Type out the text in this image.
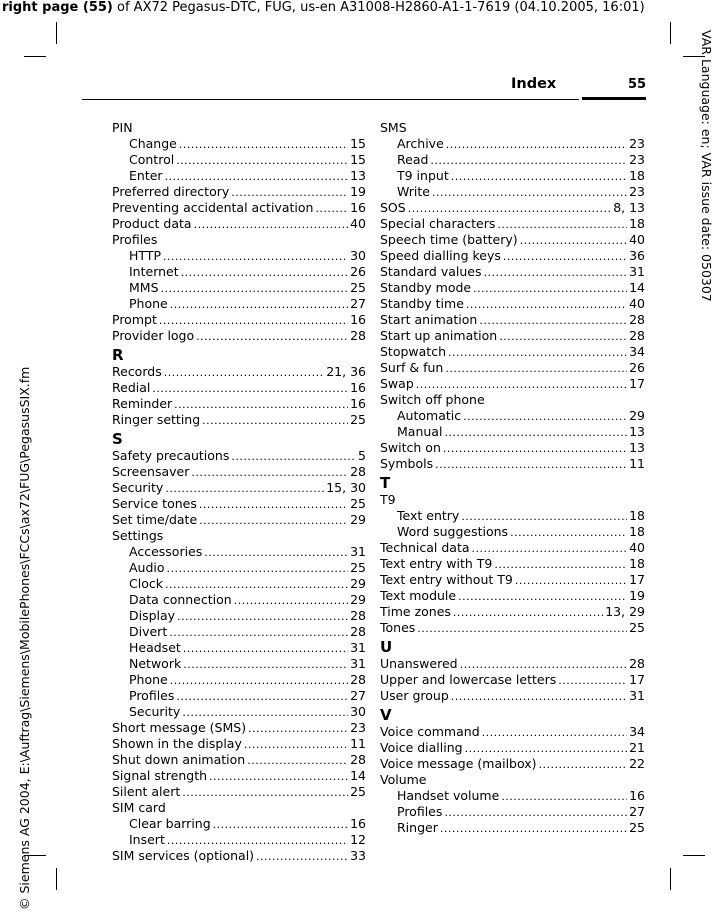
right page (55) of AX72 Pegasus-DTC, FUG, us-en A31008-H2860-A1-1-7619 (04.10.2005, 16:01)
VAR Language: en; VAR issue date: 050307
© Siemens AG 2004, E:\Auftrag\Siemens\MobilePhones\FCCs\ax72\FUG\PegasusSIX.fm
Index	55
PIN
Change .....	15
Control .....	15
Enter .....	13
Preferred directory .....	19
Preventing accidental activation .....	16
Product data .....	40
Profiles
HTTP .....	30
Internet .....	26
MMS .....	25
Phone .....	27
Prompt .....	16
Provider logo .....	28
R
Records .....	21, 36
Redial .....	16
Reminder .....	16
Ringer setting .....	25
S
Safety precautions .....	5
Screensaver .....	28
Security .....	15, 30
Service tones .....	25
Set time/date .....	29
Settings
Accessories .....	31
Audio .....	25
Clock .....	29
Data connection .....	29
Display .....	28
Divert .....	28
Headset .....	31
Network .....	31
Phone .....	28
Profiles .....	27
Security .....	30
Short message (SMS) .....	23
Shown in the display .....	11
Shut down animation .....	28
Signal strength .....	14
Silent alert .....	25
SIM card
Clear barring .....	16
Insert .....	12
SIM services (optional) .....	33
SMS
Archive .....	23
Read .....	23
T9 input .....	18
Write .....	23
SOS .....	8, 13
Special characters .....	18
Speech time (battery) .....	40
Speed dialling keys .....	36
Standard values .....	31
Standby mode .....	14
Standby time .....	40
Start animation .....	28
Start up animation .....	28
Stopwatch .....	34
Surf & fun .....	26
Swap .....	17
Switch off phone
Automatic .....	29
Manual .....	13
Switch on .....	13
Symbols .....	11
T
T9
Text entry .....	18
Word suggestions .....	18
Technical data .....	40
Text entry with T9 .....	18
Text entry without T9 .....	17
Text module .....	19
Time zones .....	13, 29
Tones .....	25
U
Unanswered .....	28
Upper and lowercase letters .....	17
User group .....	31
V
Voice command .....	34
Voice dialling .....	21
Voice message (mailbox) .....	22
Volume
Handset volume .....	16
Profiles .....	27
Ringer .....	25
